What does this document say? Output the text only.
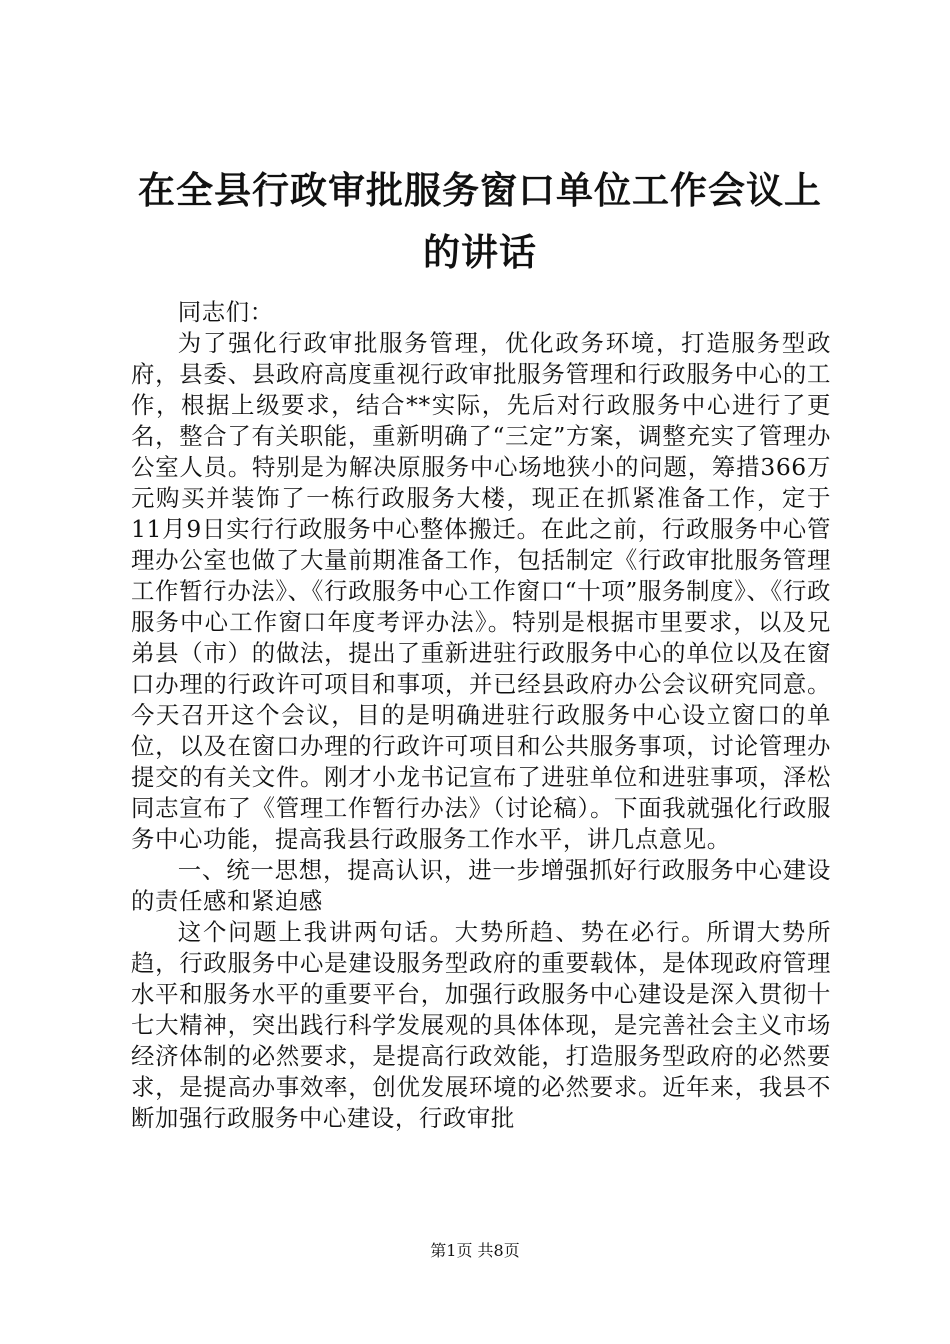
在全县行政审批服务窗口单位工作会议上的讲话

同志们：

为了强化行政审批服务管理，优化政务环境，打造服务型政府，县委、县政府高度重视行政审批服务管理和行政服务中心的工作，根据上级要求，结合**实际，先后对行政服务中心进行了更名，整合了有关职能，重新明确了“三定”方案，调整充实了管理办公室人员。特别是为解决原服务中心场地狭小的问题，筹措366万元购买并装饰了一栋行政服务大楼，现正在抓紧准备工作，定于11月9日实行行政服务中心整体搬迁。在此之前，行政服务中心管理办公室也做了大量前期准备工作，包括制定《行政审批服务管理工作暂行办法》、《行政服务中心工作窗口“十项”服务制度》、《行政服务中心工作窗口年度考评办法》。特别是根据市里要求，以及兄弟县（市）的做法，提出了重新进驻行政服务中心的单位以及在窗口办理的行政许可项目和事项，并已经县政府办公会议研究同意。今天召开这个会议，目的是明确进驻行政服务中心设立窗口的单位，以及在窗口办理的行政许可项目和公共服务事项，讨论管理办提交的有关文件。刚才小龙书记宣布了进驻单位和进驻事项，泽松同志宣布了《管理工作暂行办法》（讨论稿）。下面我就强化行政服务中心功能，提高我县行政服务工作水平，讲几点意见。

一、统一思想，提高认识，进一步增强抓好行政服务中心建设的责任感和紧迫感

这个问题上我讲两句话。大势所趋、势在必行。所谓大势所趋，行政服务中心是建设服务型政府的重要载体，是体现政府管理水平和服务水平的重要平台，加强行政服务中心建设是深入贯彻十七大精神，突出践行科学发展观的具体体现，是完善社会主义市场经济体制的必然要求，是提高行政效能，打造服务型政府的必然要求，是提高办事效率，创优发展环境的必然要求。近年来，我县不断加强行政服务中心建设，行政审批

第1页 共8页
